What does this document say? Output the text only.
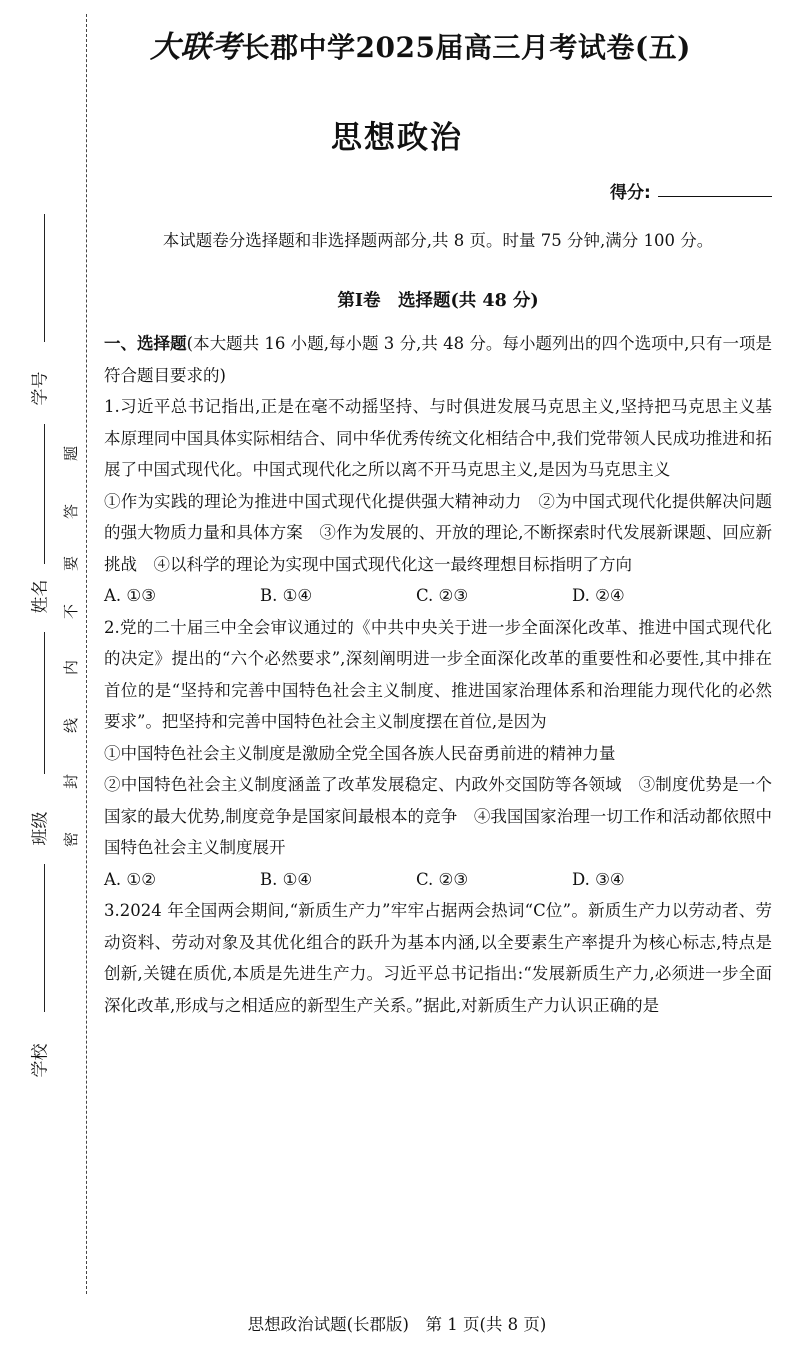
学号
姓名
班级
学校
密
封
线
内
不
要
答
题
大联考长郡中学2025届高三月考试卷(五)
思想政治
得分:
本试题卷分选择题和非选择题两部分,共 8 页。时量 75 分钟,满分 100 分。
第Ⅰ卷　选择题(共 48 分)
一、选择题(本大题共 16 小题,每小题 3 分,共 48 分。每小题列出的四个选项中,只有一项是符合题目要求的)
1.习近平总书记指出,正是在毫不动摇坚持、与时俱进发展马克思主义,坚持把马克思主义基本原理同中国具体实际相结合、同中华优秀传统文化相结合中,我们党带领人民成功推进和拓展了中国式现代化。中国式现代化之所以离不开马克思主义,是因为马克思主义
①作为实践的理论为推进中国式现代化提供强大精神动力　②为中国式现代化提供解决问题的强大物质力量和具体方案　③作为发展的、开放的理论,不断探索时代发展新课题、回应新挑战　④以科学的理论为实现中国式现代化这一最终理想目标指明了方向
A. ①③	B. ①④	C. ②③	D. ②④
2.党的二十届三中全会审议通过的《中共中央关于进一步全面深化改革、推进中国式现代化的决定》提出的“六个必然要求”,深刻阐明进一步全面深化改革的重要性和必要性,其中排在首位的是“坚持和完善中国特色社会主义制度、推进国家治理体系和治理能力现代化的必然要求”。把坚持和完善中国特色社会主义制度摆在首位,是因为
①中国特色社会主义制度是激励全党全国各族人民奋勇前进的精神力量
②中国特色社会主义制度涵盖了改革发展稳定、内政外交国防等各领域　③制度优势是一个国家的最大优势,制度竞争是国家间最根本的竞争　④我国国家治理一切工作和活动都依照中国特色社会主义制度展开
A. ①②	B. ①④	C. ②③	D. ③④
3.2024 年全国两会期间,“新质生产力”牢牢占据两会热词“C位”。新质生产力以劳动者、劳动资料、劳动对象及其优化组合的跃升为基本内涵,以全要素生产率提升为核心标志,特点是创新,关键在质优,本质是先进生产力。习近平总书记指出:“发展新质生产力,必须进一步全面深化改革,形成与之相适应的新型生产关系。”据此,对新质生产力认识正确的是
思想政治试题(长郡版)　第 1 页(共 8 页)
